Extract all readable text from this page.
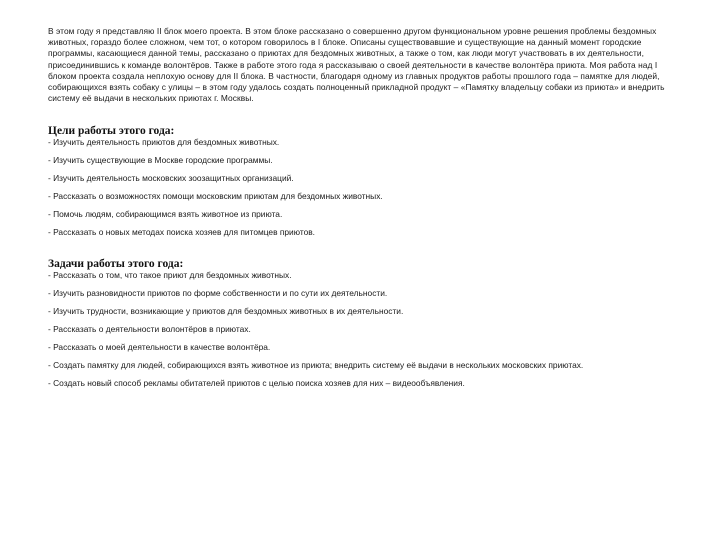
В этом году я представляю II блок моего проекта. В этом блоке рассказано о совершенно другом функциональном уровне решения проблемы бездомных животных, гораздо более сложном, чем тот, о котором говорилось в I блоке. Описаны существовавшие и существующие на данный момент городские программы, касающиеся данной темы, рассказано о приютах для бездомных животных, а также о том, как люди могут участвовать в их деятельности, присоединившись к команде волонтёров. Также в работе этого года я рассказываю о своей деятельности в качестве волонтёра приюта. Моя работа над I блоком проекта создала неплохую основу для II блока. В частности, благодаря одному из главных продуктов работы прошлого года – памятке для людей, собирающихся взять собаку с улицы – в этом году удалось создать полноценный прикладной продукт – «Памятку владельцу собаки из приюта» и внедрить систему её выдачи в нескольких приютах г. Москвы.

Цели работы этого года:
- Изучить деятельность приютов для бездомных животных.
- Изучить существующие в Москве городские программы.
- Изучить деятельность московских зоозащитных организаций.
- Рассказать о возможностях помощи московским приютам для бездомных животных.
- Помочь людям, собирающимся взять животное из приюта.
- Рассказать о новых методах поиска хозяев для питомцев приютов.
Задачи работы этого года:
- Рассказать о том, что такое приют для бездомных животных.
- Изучить разновидности приютов по форме собственности и по сути их деятельности.
- Изучить трудности, возникающие у приютов для бездомных животных в их деятельности.
- Рассказать о деятельности волонтёров в приютах.
- Рассказать о моей деятельности в качестве волонтёра.
- Создать памятку для людей, собирающихся взять животное из приюта; внедрить систему её выдачи в нескольких московских приютах.
- Создать новый способ рекламы обитателей приютов с целью поиска хозяев для них – видеообъявления.
